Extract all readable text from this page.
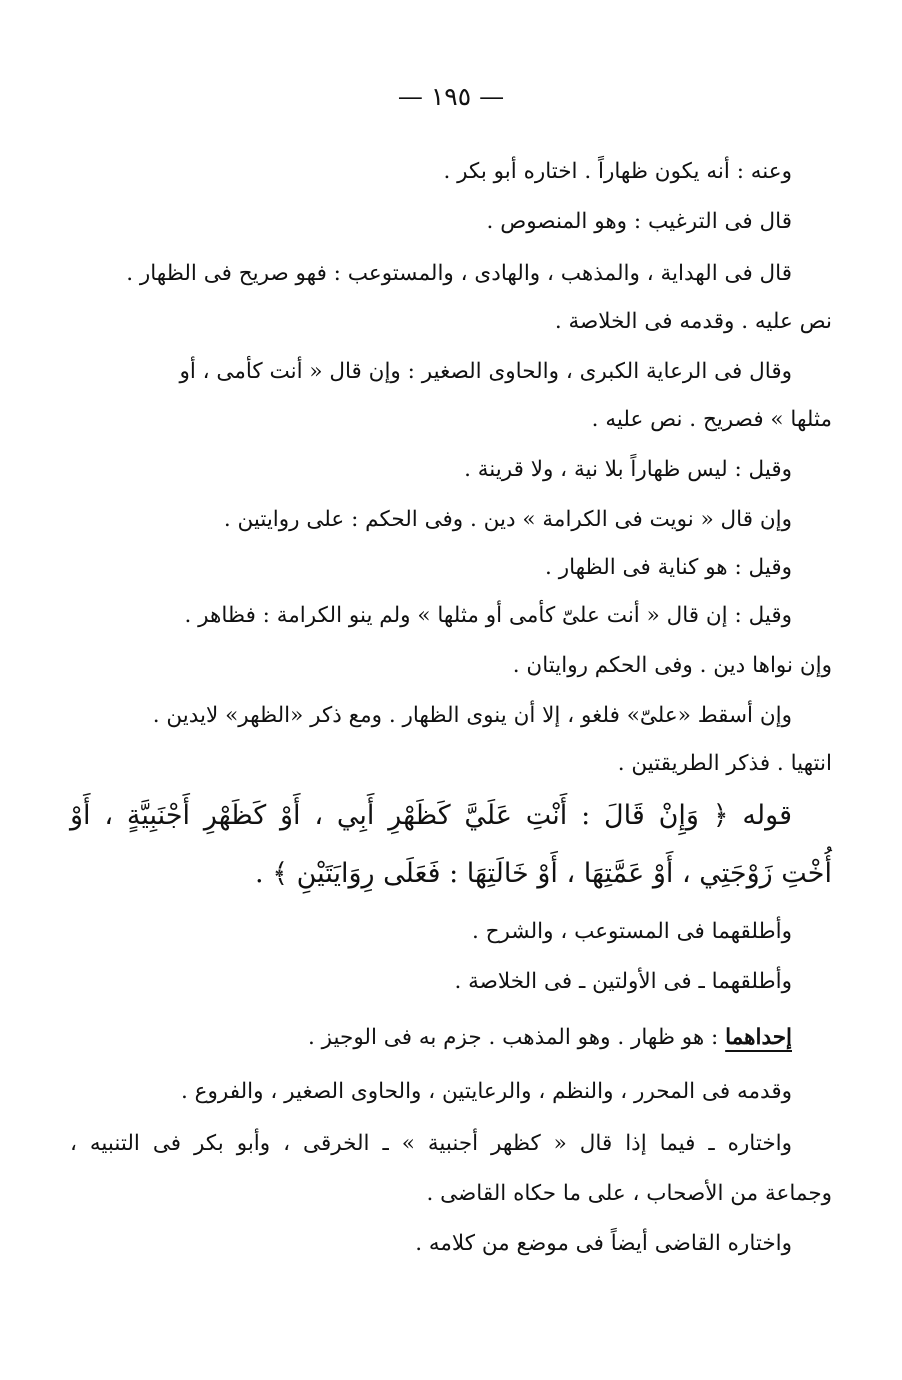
— ١٩٥ —
وعنه : أنه يكون ظهاراً . اختاره أبو بكر .
قال فى الترغيب : وهو المنصوص .
قال فى الهداية ، والمذهب ، والهادى ، والمستوعب : فهو صريح فى الظهار .
نص عليه . وقدمه فى الخلاصة .
وقال فى الرعاية الكبرى ، والحاوى الصغير : وإن قال « أنت كأمى ، أو
مثلها » فصريح . نص عليه .
وقيل : ليس ظهاراً بلا نية ، ولا قرينة .
وإن قال « نويت فى الكرامة » دين . وفى الحكم : على روايتين .
وقيل : هو كناية فى الظهار .
وقيل : إن قال « أنت علىّ كأمى أو مثلها » ولم ينو الكرامة : فظاهر .
وإن نواها دين . وفى الحكم روايتان .
وإن أسقط «علىّ» فلغو ، إلا أن ينوى الظهار . ومع ذكر «الظهر» لايدين .
انتهيا . فذكر الطريقتين .
قوله ﴿ وَإِنْ قَالَ : أَنْتِ عَلَيَّ كَظَهْرِ أَبِي ، أَوْ كَظَهْرِ أَجْنَبِيَّةٍ ، أَوْ
أُخْتِ زَوْجَتِي ، أَوْ عَمَّتِهَا ، أَوْ خَالَتِهَا : فَعَلَى رِوَايَتَيْنِ ﴾ .
وأطلقهما فى المستوعب ، والشرح .
وأطلقهما ـ فى الأولتين ـ فى الخلاصة .
إحداهما : هو ظهار . وهو المذهب . جزم به فى الوجيز .
وقدمه فى المحرر ، والنظم ، والرعايتين ، والحاوى الصغير ، والفروع .
واختاره ـ فيما إذا قال « كظهر أجنبية » ـ الخرقى ، وأبو بكر فى التنبيه ،
وجماعة من الأصحاب ، على ما حكاه القاضى .
واختاره القاضى أيضاً فى موضع من كلامه .
